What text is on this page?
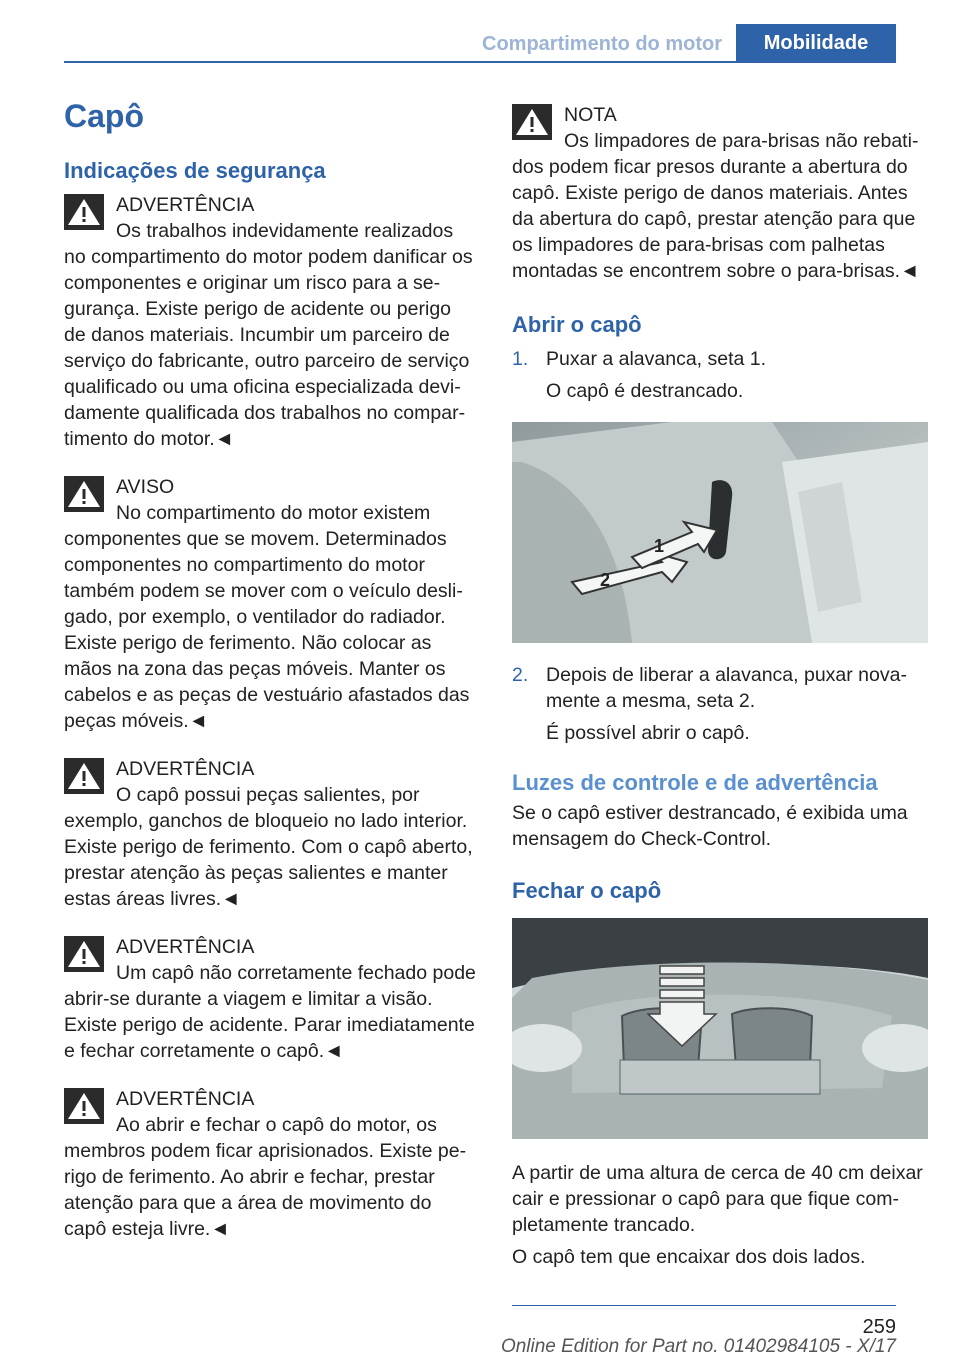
Compartimento do motor	Mobilidade
Capô
Indicações de segurança
ADVERTÊNCIA

Os trabalhos indevidamente realizados no compartimento do motor podem danificar os componentes e originar um risco para a segurança. Existe perigo de acidente ou perigo de danos materiais. Incumbir um parceiro de serviço do fabricante, outro parceiro de serviço qualificado ou uma oficina especializada devidamente qualificada dos trabalhos no compartimento do motor.◄

AVISO

No compartimento do motor existem componentes que se movem. Determinados componentes no compartimento do motor também podem se mover com o veículo desligado, por exemplo, o ventilador do radiador. Existe perigo de ferimento. Não colocar as mãos na zona das peças móveis. Manter os cabelos e as peças de vestuário afastados das peças móveis.◄

ADVERTÊNCIA

O capô possui peças salientes, por exemplo, ganchos de bloqueio no lado interior. Existe perigo de ferimento. Com o capô aberto, prestar atenção às peças salientes e manter estas áreas livres.◄

ADVERTÊNCIA

Um capô não corretamente fechado pode abrir-se durante a viagem e limitar a visão. Existe perigo de acidente. Parar imediatamente e fechar corretamente o capô.◄

ADVERTÊNCIA

Ao abrir e fechar o capô do motor, os membros podem ficar aprisionados. Existe perigo de ferimento. Ao abrir e fechar, prestar atenção para que a área de movimento do capô esteja livre.◄

NOTA

Os limpadores de para-brisas não rebatidos podem ficar presos durante a abertura do capô. Existe perigo de danos materiais. Antes da abertura do capô, prestar atenção para que os limpadores de para-brisas com palhetas montadas se encontrem sobre o para-brisas.◄

Abrir o capô
1. Puxar a alavanca, seta 1.

O capô é destrancado.

1
2
2. Depois de liberar a alavanca, puxar novamente a mesma, seta 2.

É possível abrir o capô.

Luzes de controle e de advertência

Se o capô estiver destrancado, é exibida uma mensagem do Check-Control.

Fechar o capô

A partir de uma altura de cerca de 40 cm deixar cair e pressionar o capô para que fique completamente trancado.

O capô tem que encaixar dos dois lados.

259
Online Edition for Part no. 01402984105 - X/17
